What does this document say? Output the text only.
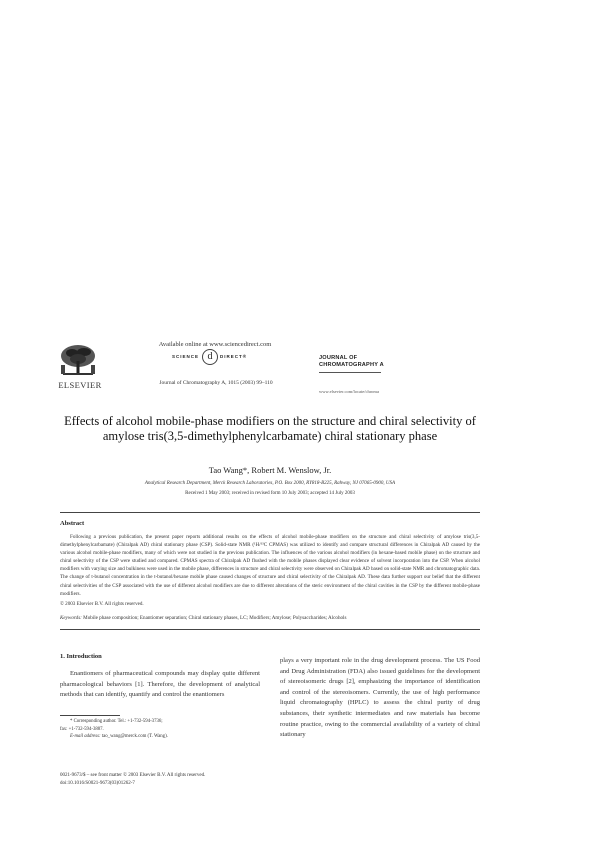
ELSEVIER
Available online at www.sciencedirect.com
SCIENCE d	DIRECT®
Journal of Chromatography A, 1015 (2003) 99–110
JOURNAL OF
CHROMATOGRAPHY A
www.elsevier.com/locate/chroma
Effects of alcohol mobile-phase modifiers on the structure and chiral selectivity of amylose tris(3,5-dimethylphenylcarbamate) chiral stationary phase
Tao Wang*, Robert M. Wenslow, Jr.
Analytical Research Department, Merck Research Laboratories, P.O. Box 2000, RY818-B225, Rahway, NJ 07065-0900, USA
Received 1 May 2003; received in revised form 10 July 2003; accepted 14 July 2003
Abstract
Following a previous publication, the present paper reports additional results on the effects of alcohol mobile-phase modifiers on the structure and chiral selectivity of amylose tris(3,5-dimethylphenylcarbamate) (Chiralpak AD) chiral stationary phase (CSP). Solid-state NMR (¹H/¹³C CPMAS) was utilized to identify and compare structural differences in Chiralpak AD caused by the various alcohol mobile-phase modifiers, many of which were not studied in the previous publication. The influences of the various alcohol modifiers (in hexane-based mobile phase) on the structure and chiral selectivity of the CSP were studied and compared. CPMAS spectra of Chiralpak AD flushed with the mobile phases displayed clear evidence of solvent incorporation into the CSP. When alcohol modifiers with varying size and bulkiness were used in the mobile phase, differences in structure and chiral selectivity were observed on Chiralpak AD based on solid-state NMR and chromatographic data. The change of t-butanol concentration in the t-butanol/hexane mobile phase caused changes of structure and chiral selectivity of the Chiralpak AD. These data further support our belief that the different chiral selectivities of the CSP associated with the use of different alcohol modifiers are due to different alterations of the steric environment of the chiral cavities in the CSP by the different mobile-phase modifiers.
© 2003 Elsevier B.V. All rights reserved.
Keywords: Mobile phase composition; Enantiomer separation; Chiral stationary phases, LC; Modifiers; Amylose; Polysaccharides; Alcohols
1. Introduction
Enantiomers of pharmaceutical compounds may display quite different pharmacological behaviors [1]. Therefore, the development of analytical methods that can identify, quantify and control the enantiomers
plays a very important role in the drug development process. The US Food and Drug Administration (FDA) also issued guidelines for the development of stereoisomeric drugs [2], emphasizing the importance of identification and control of the stereoisomers. Currently, the use of high performance liquid chromatography (HPLC) to assess the chiral purity of drug substances, their synthetic intermediates and raw materials has become routine practice, owing to the commercial availability of a variety of chiral stationary
* Corresponding author. Tel.: +1-732-594-3736;
fax: +1-732-594-3887.
E-mail address: tao_wang@merck.com (T. Wang).
0021-9673/$ – see front matter © 2003 Elsevier B.V. All rights reserved.
doi:10.1016/S0021-9673(03)01262-7
